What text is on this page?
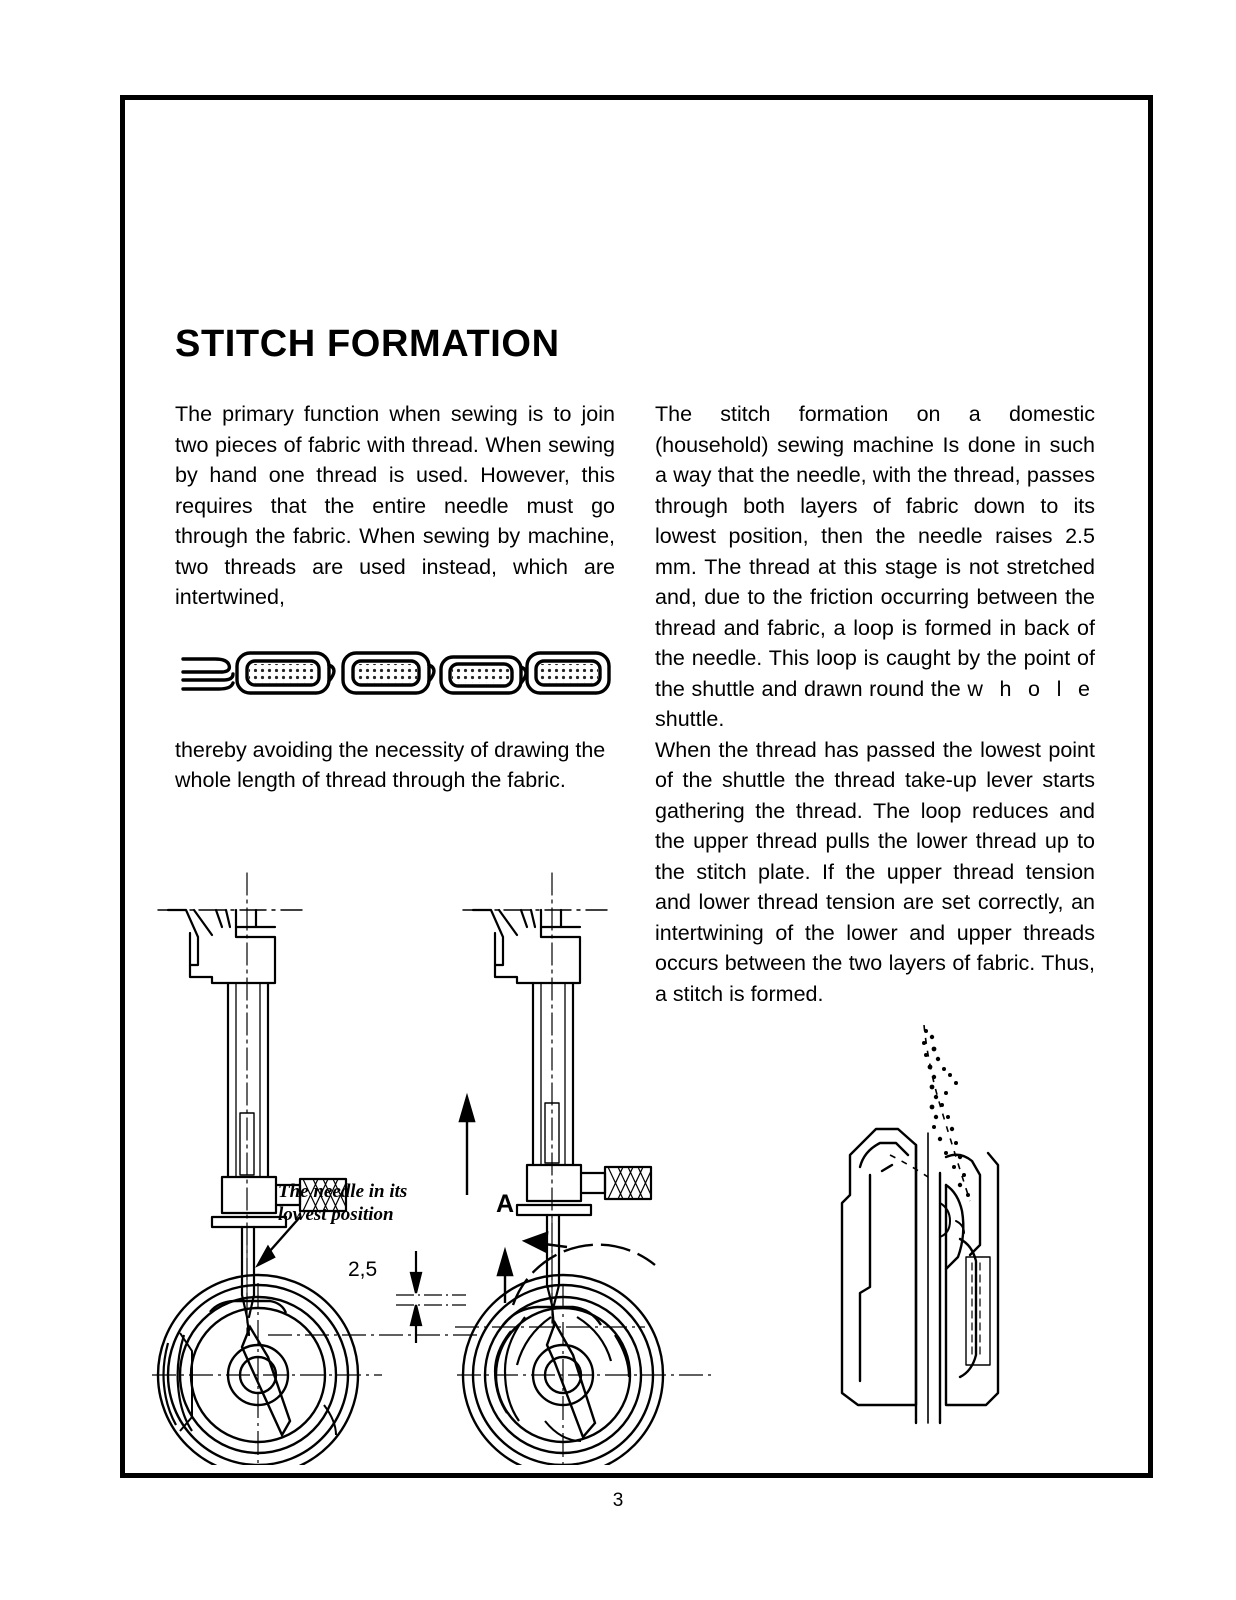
STITCH FORMATION

The primary function when sewing is to join two pieces of fabric with thread. When sewing by hand one thread is used. However, this requires that the entire needle must go through the fabric. When sewing by machine, two threads are used instead, which are intertwined,

thereby avoiding the necessity of drawing the whole length of thread through the fabric.

The stitch formation on a domestic (household) sewing machine Is done in such a way that the needle, with the thread, passes through both layers of fabric down to its lowest position, then the needle raises 2.5 mm. The thread at this stage is not stretched and, due to the friction occurring between the thread and fabric, a loop is formed in back of the needle. This loop is caught by the point of the shuttle and drawn round the w h o l e shuttle.

When the thread has passed the lowest point of the shuttle the thread take-up lever starts gathering the thread. The loop reduces and the upper thread pulls the lower thread up to the stitch plate. If the upper thread tension and lower thread tension are set correctly, an intertwining of the lower and upper threads occurs between the two layers of fabric. Thus, a stitch is formed.

The needle in its
lowest position
2,5
A
3
